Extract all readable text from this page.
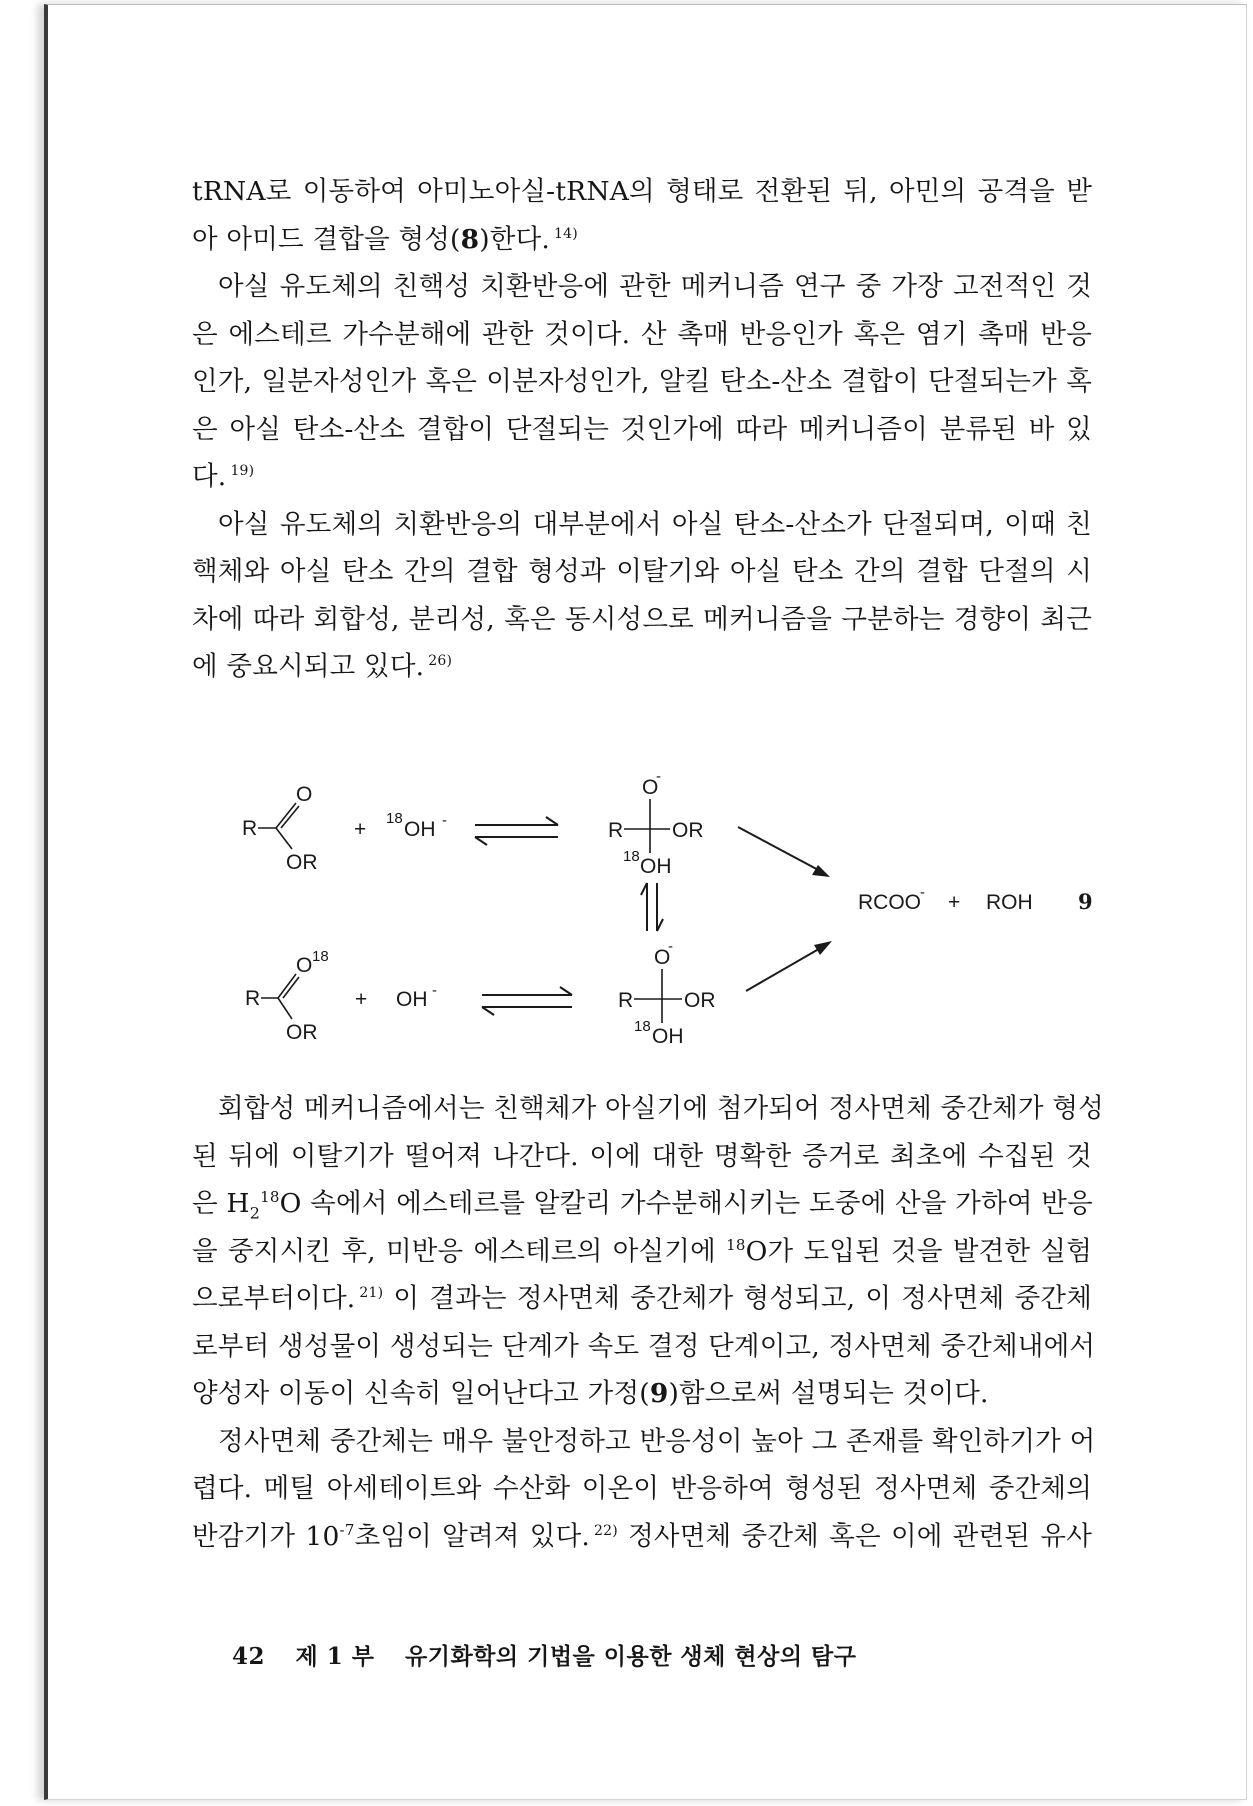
tRNA로 이동하여 아미노아실-tRNA의 형태로 전환된 뒤, 아민의 공격을 받
아 아미드 결합을 형성(8)한다. $^{14)}$
아실 유도체의 친핵성 치환반응에 관한 메커니즘 연구 중 가장 고전적인 것
은 에스테르 가수분해에 관한 것이다. 산 촉매 반응인가 혹은 염기 촉매 반응
인가, 일분자성인가 혹은 이분자성인가, 알킬 탄소-산소 결합이 단절되는가 혹
은 아실 탄소-산소 결합이 단절되는 것인가에 따라 메커니즘이 분류된 바 있
다. $^{19)}$
아실 유도체의 치환반응의 대부분에서 아실 탄소-산소가 단절되며, 이때 친
핵체와 아실 탄소 간의 결합 형성과 이탈기와 아실 탄소 간의 결합 단절의 시
차에 따라 회합성, 분리성, 혹은 동시성으로 메커니즘을 구분하는 경향이 최근
에 중요시되고 있다. $^{26)}$
R
O
OR
+ 18 OH -
O
-
R OR
18 OH
RCOO - + ROH 9
R
O 18
OR
+ OH -
O
-
R OR
18 OH
회합성 메커니즘에서는 친핵체가 아실기에 첨가되어 정사면체 중간체가 형성
된 뒤에 이탈기가 떨어져 나간다. 이에 대한 명확한 증거로 최초에 수집된 것
은 $H_2^{18}O$ 속에서 에스테르를 알칼리 가수분해시키는 도중에 산을 가하여 반응
을 중지시킨 후, 미반응 에스테르의 아실기에 $^{18}$O가 도입된 것을 발견한 실험
으로부터이다. $^{21)}$ 이 결과는 정사면체 중간체가 형성되고, 이 정사면체 중간체
로부터 생성물이 생성되는 단계가 속도 결정 단계이고, 정사면체 중간체내에서
양성자 이동이 신속히 일어난다고 가정(9)함으로써 설명되는 것이다.
정사면체 중간체는 매우 불안정하고 반응성이 높아 그 존재를 확인하기가 어
렵다. 메틸 아세테이트와 수산화 이온이 반응하여 형성된 정사면체 중간체의
반감기가 $10^{-7}$초임이 알려져 있다. $^{22)}$ 정사면체 중간체 혹은 이에 관련된 유사
42 제 1 부 유기화학의 기법을 이용한 생체 현상의 탐구
